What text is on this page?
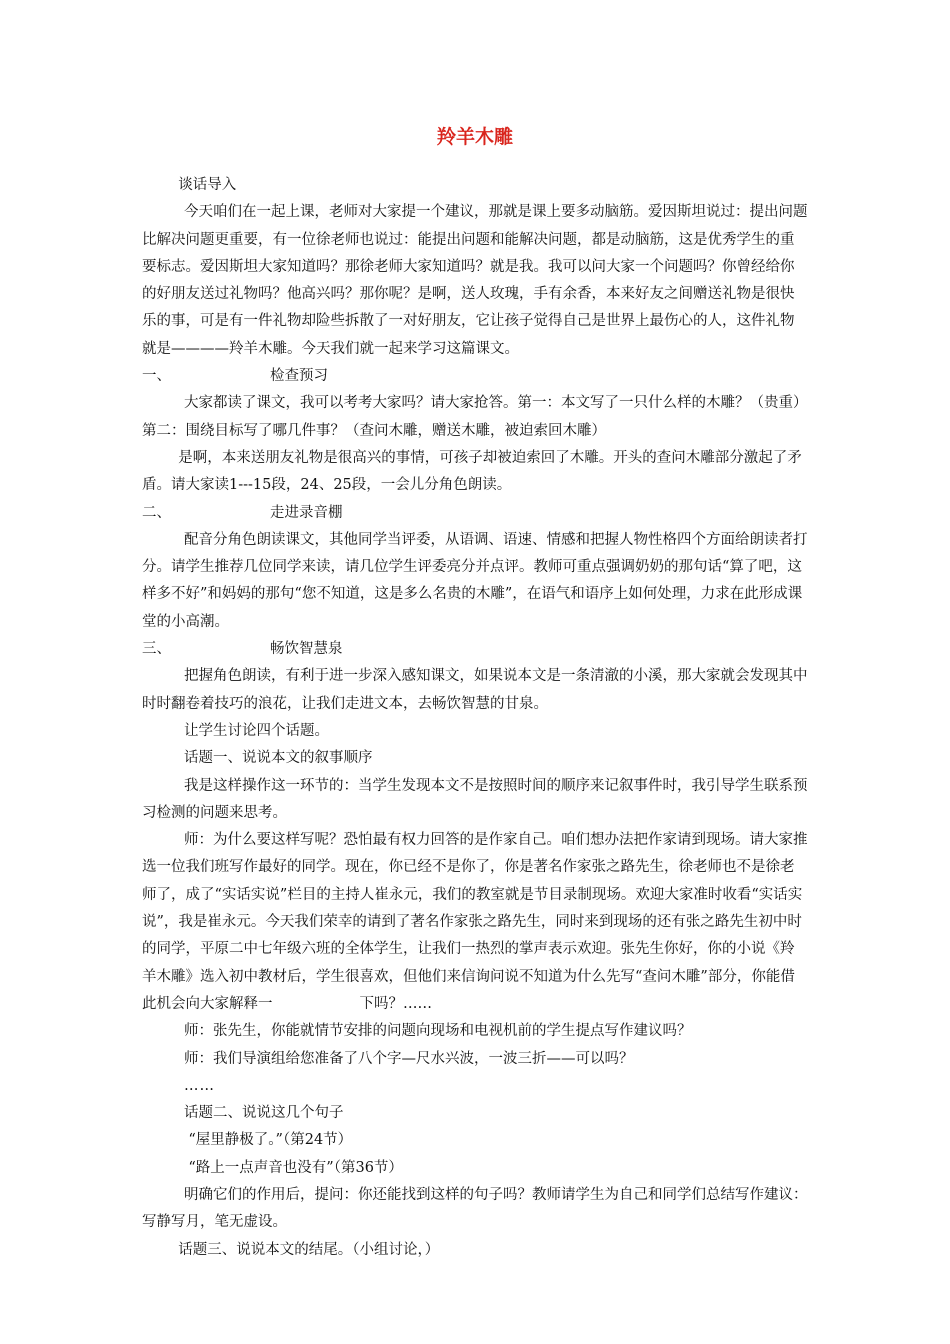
羚羊木雕

谈话导入

今天咱们在一起上课，老师对大家提一个建议，那就是课上要多动脑筋。爱因斯坦说过：提出问题比解决问题更重要，有一位徐老师也说过：能提出问题和能解决问题，都是动脑筋，这是优秀学生的重要标志。爱因斯坦大家知道吗？那徐老师大家知道吗？就是我。我可以问大家一个问题吗？你曾经给你的好朋友送过礼物吗？他高兴吗？那你呢？是啊，送人玫瑰，手有余香，本来好友之间赠送礼物是很快乐的事，可是有一件礼物却险些拆散了一对好朋友，它让孩子觉得自己是世界上最伤心的人，这件礼物就是————羚羊木雕。今天我们就一起来学习这篇课文。

一、	检查预习

大家都读了课文，我可以考考大家吗？请大家抢答。第一：本文写了一只什么样的木雕？（贵重）第二：围绕目标写了哪几件事？（查问木雕，赠送木雕，被迫索回木雕）

是啊，本来送朋友礼物是很高兴的事情，可孩子却被迫索回了木雕。开头的查问木雕部分激起了矛盾。请大家读1---15段，24、25段，一会儿分角色朗读。

二、	走进录音棚

配音分角色朗读课文，其他同学当评委，从语调、语速、情感和把握人物性格四个方面给朗读者打分。请学生推荐几位同学来读，请几位学生评委亮分并点评。教师可重点强调奶奶的那句话“算了吧，这样多不好”和妈妈的那句“您不知道，这是多么名贵的木雕”，在语气和语序上如何处理，力求在此形成课堂的小高潮。

三、	畅饮智慧泉

把握角色朗读，有利于进一步深入感知课文，如果说本文是一条清澈的小溪，那大家就会发现其中时时翻卷着技巧的浪花，让我们走进文本，去畅饮智慧的甘泉。

让学生讨论四个话题。

话题一、说说本文的叙事顺序

我是这样操作这一环节的：当学生发现本文不是按照时间的顺序来记叙事件时，我引导学生联系预习检测的问题来思考。

师：为什么要这样写呢？恐怕最有权力回答的是作家自己。咱们想办法把作家请到现场。请大家推选一位我们班写作最好的同学。现在，你已经不是你了，你是著名作家张之路先生，徐老师也不是徐老师了，成了“实话实说”栏目的主持人崔永元，我们的教室就是节目录制现场。欢迎大家准时收看“实话实说”，我是崔永元。今天我们荣幸的请到了著名作家张之路先生，同时来到现场的还有张之路先生初中时的同学，平原二中七年级六班的全体学生，让我们一热烈的掌声表示欢迎。张先生你好，你的小说《羚羊木雕》选入初中教材后，学生很喜欢，但他们来信询问说不知道为什么先写“查问木雕”部分，你能借此机会向大家解释一　　　　　　下吗？……

师：张先生，你能就情节安排的问题向现场和电视机前的学生提点写作建议吗？

师：我们导演组给您准备了八个字—尺水兴波，一波三折——可以吗？

……

话题二、说说这几个句子

“屋里静极了。”（第24节）

“路上一点声音也没有”（第36节）

明确它们的作用后，提问：你还能找到这样的句子吗？教师请学生为自己和同学们总结写作建议：写静写月，笔无虚设。

话题三、说说本文的结尾。（小组讨论，）
